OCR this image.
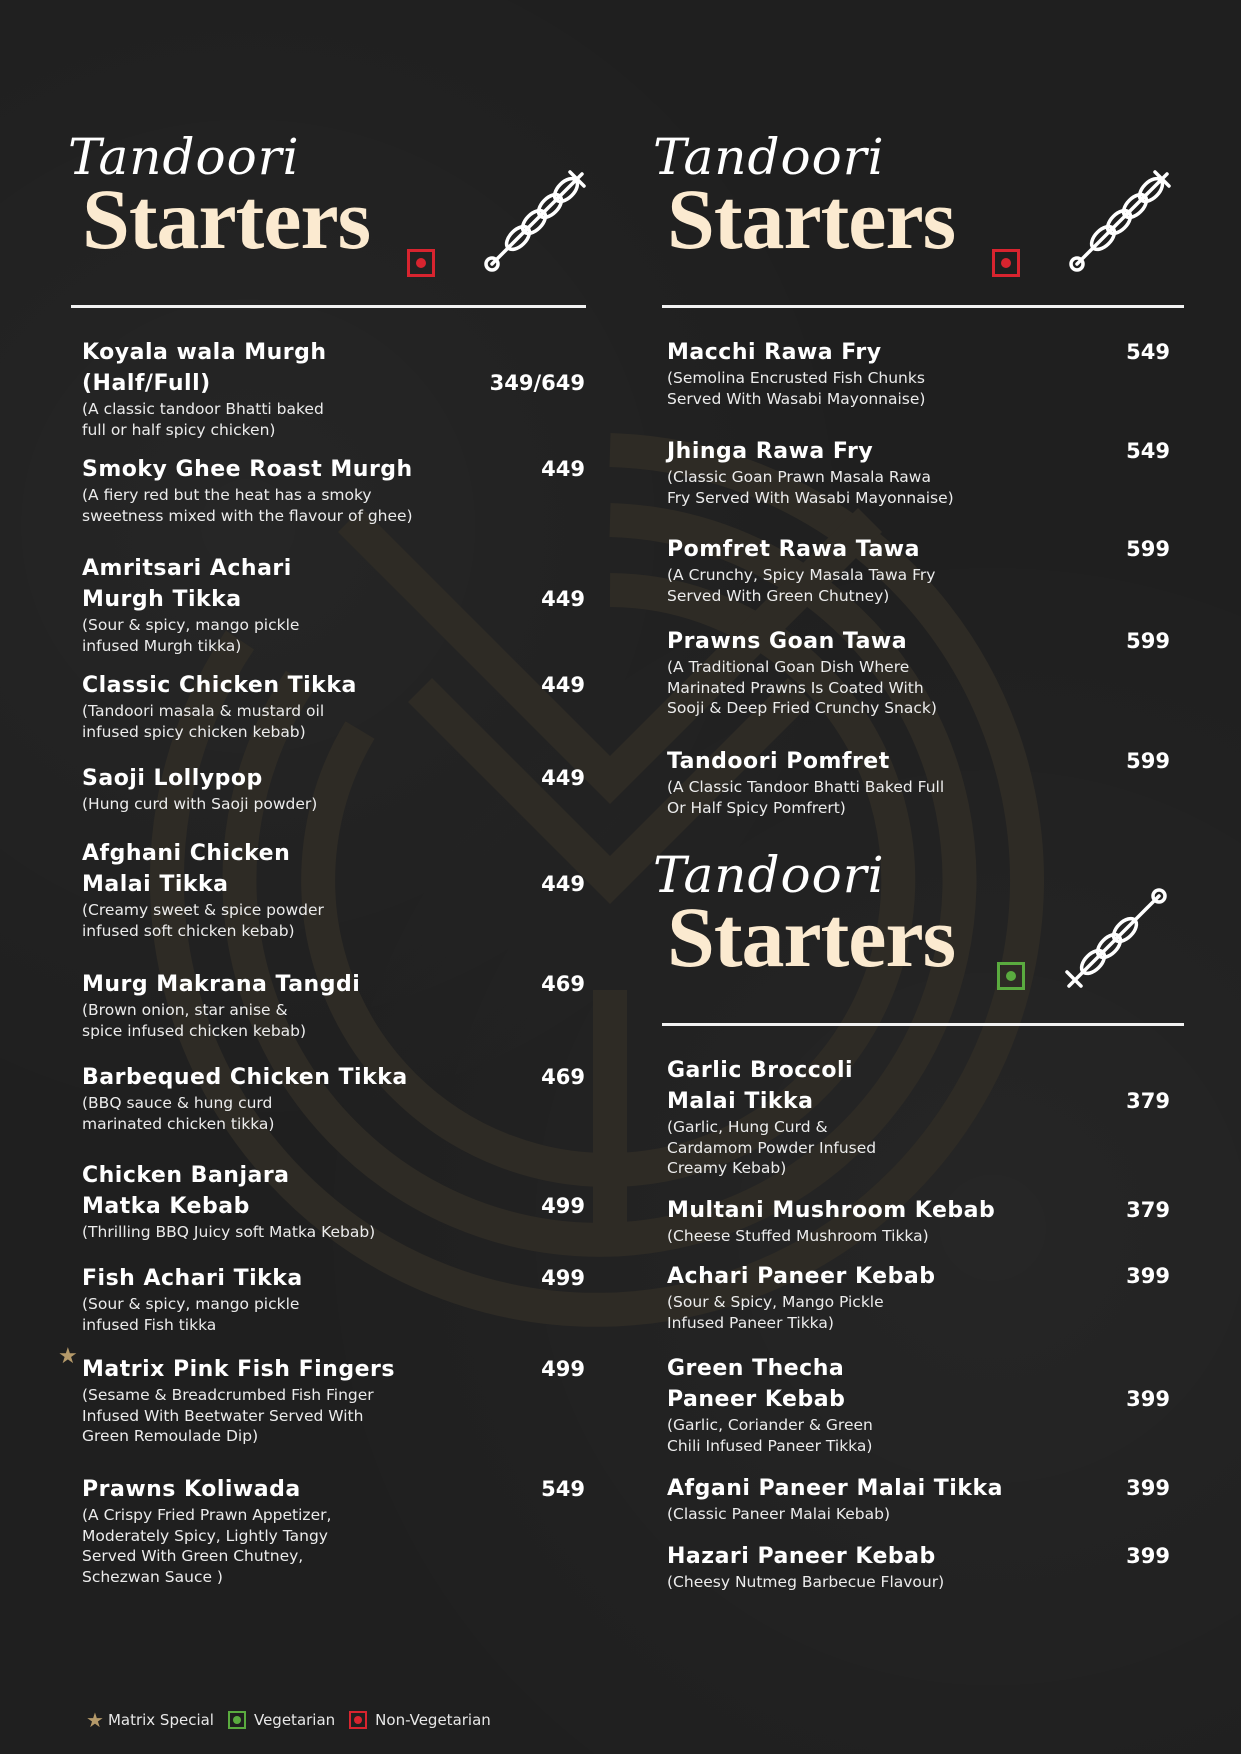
Tandoori
Starters
Tandoori
Starters
Tandoori
Starters
Koyala wala Murgh
(Half/Full)
(A classic tandoor Bhatti baked
full or half spicy chicken)
349/649
Smoky Ghee Roast Murgh
(A fiery red but the heat has a smoky
sweetness mixed with the flavour of ghee)
449
Amritsari Achari
Murgh Tikka
(Sour & spicy, mango pickle
infused Murgh tikka)
449
Classic Chicken Tikka
(Tandoori masala & mustard oil
infused spicy chicken kebab)
449
Saoji Lollypop
(Hung curd with Saoji powder)
449
Afghani Chicken
Malai Tikka
(Creamy sweet & spice powder
infused soft chicken kebab)
449
Murg Makrana Tangdi
(Brown onion, star anise &
spice infused chicken kebab)
469
Barbequed Chicken Tikka
(BBQ sauce & hung curd
marinated chicken tikka)
469
Chicken Banjara
Matka Kebab
(Thrilling BBQ Juicy soft Matka Kebab)
499
Fish Achari Tikka
(Sour & spicy, mango pickle
infused Fish tikka
499
Matrix Pink Fish Fingers
(Sesame & Breadcrumbed Fish Finger
Infused With Beetwater Served With
Green Remoulade Dip)
499
★
Prawns Koliwada
(A Crispy Fried Prawn Appetizer,
Moderately Spicy, Lightly Tangy
Served With Green Chutney,
Schezwan Sauce )
549
Macchi Rawa Fry
(Semolina Encrusted Fish Chunks
Served With Wasabi Mayonnaise)
549
Jhinga Rawa Fry
(Classic Goan Prawn Masala Rawa
Fry Served With Wasabi Mayonnaise)
549
Pomfret Rawa Tawa
(A Crunchy, Spicy Masala Tawa Fry
Served With Green Chutney)
599
Prawns Goan Tawa
(A Traditional Goan Dish Where
Marinated Prawns Is Coated With
Sooji & Deep Fried Crunchy Snack)
599
Tandoori Pomfret
(A Classic Tandoor Bhatti Baked Full
Or Half Spicy Pomfrert)
599
Garlic Broccoli
Malai Tikka
(Garlic, Hung Curd &
Cardamom Powder Infused
Creamy Kebab)
379
Multani Mushroom Kebab
(Cheese Stuffed Mushroom Tikka)
379
Achari Paneer Kebab
(Sour & Spicy, Mango Pickle
Infused Paneer Tikka)
399
Green Thecha
Paneer Kebab
(Garlic, Coriander & Green
Chili Infused Paneer Tikka)
399
Afgani Paneer Malai Tikka
(Classic Paneer Malai Kebab)
399
Hazari Paneer Kebab
(Cheesy Nutmeg Barbecue Flavour)
399
★ Matrix Special	Vegetarian	Non-Vegetarian
